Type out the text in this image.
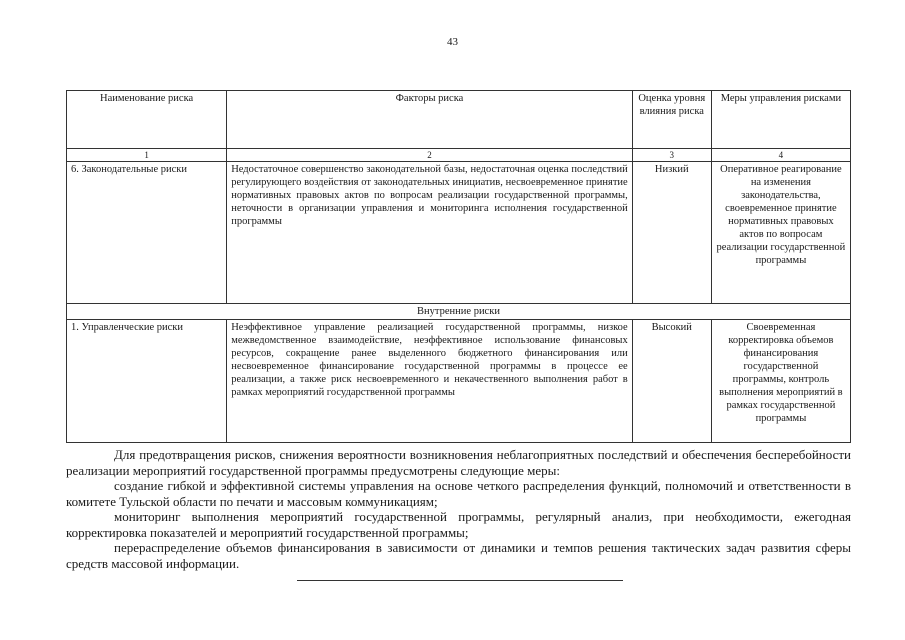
43
Наименование риска	Факторы риска	Оценка уровня влияния риска	Меры управления рисками
1	2	3	4
6. Законодательные риски	Недостаточное совершенство законодательной базы, недостаточная оценка последствий регулирующего воздействия от законодательных инициатив, несвоевременное принятие нормативных правовых актов по вопросам реализации государственной программы, неточности в организации управления и мониторинга исполнения государственной программы	Низкий	Оперативное реагирование на изменения законодательства, своевременное принятие нормативных правовых актов по вопросам реализации государственной программы
Внутренние риски			
1. Управленческие риски	Неэффективное управление реализацией государственной программы, низкое межведомственное взаимодействие, неэффективное использование финансовых ресурсов, сокращение ранее выделенного бюджетного финансирования или несвоевременное финансирование государственной программы в процессе ее реализации, а также риск несвоевременного и некачественного выполнения работ в рамках мероприятий государственной программы	Высокий	Своевременная корректировка объемов финансирования государственной программы, контроль выполнения мероприятий в рамках государственной программы

Для предотвращения рисков, снижения вероятности возникновения неблагоприятных последствий и обеспечения бесперебойности реализации мероприятий государственной программы предусмотрены следующие меры:

создание гибкой и эффективной системы управления на основе четкого распределения функций, полномочий и ответственности в комитете Тульской области по печати и массовым коммуникациям;

мониторинг выполнения мероприятий государственной программы, регулярный анализ, при необходимости, ежегодная корректировка показателей и мероприятий государственной программы;

перераспределение объемов финансирования в зависимости от динамики и темпов решения тактических задач развития сферы средств массовой информации.
